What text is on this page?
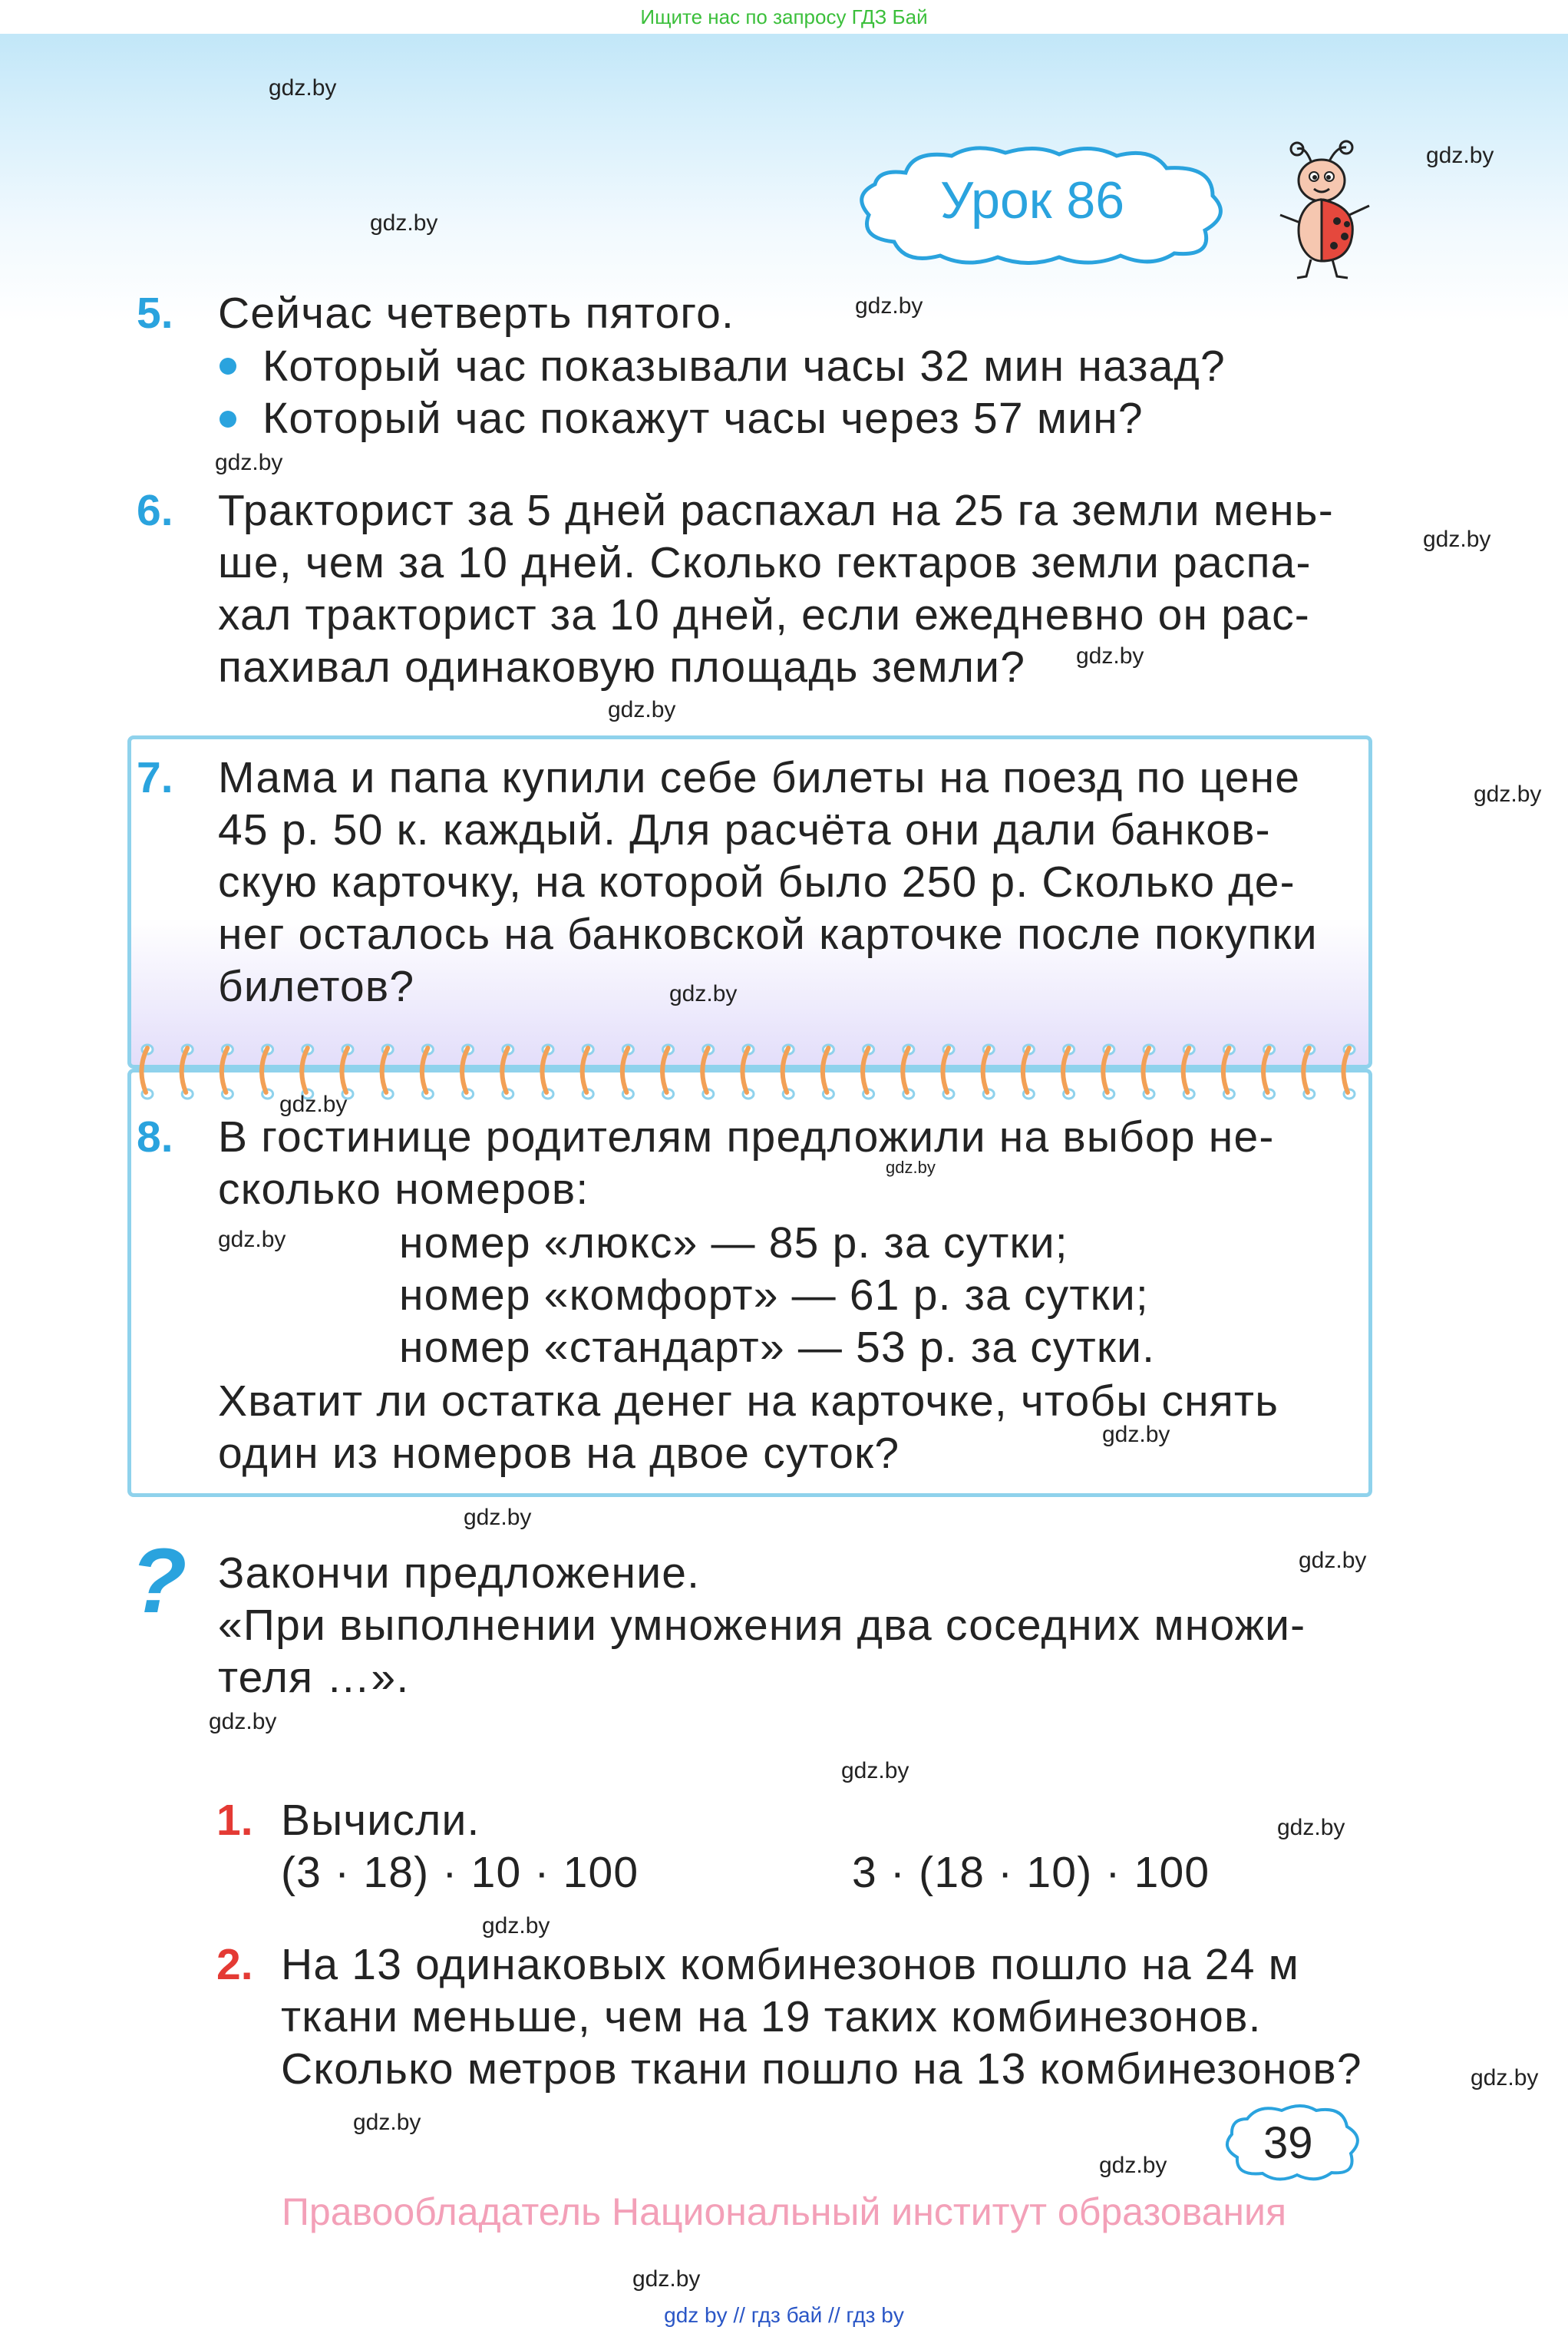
Ищите нас по запросу ГДЗ Бай
Урок 86
5. Сейчас четверть пятого.
Который час показывали часы 32 мин назад?
Который час покажут часы через 57 мин?
6. Тракторист за 5 дней распахал на 25 га земли мень-
ше, чем за 10 дней. Сколько гектаров земли распа-
хал тракторист за 10 дней, если ежедневно он рас-
пахивал одинаковую площадь земли?
7. Мама и папа купили себе билеты на поезд по цене
45 р. 50 к. каждый. Для расчёта они дали банков-
скую карточку, на которой было 250 р. Сколько де-
нег осталось на банковской карточке после покупки
билетов?
8. В гостинице родителям предложили на выбор не-
сколько номеров:
номер «люкс» — 85 р. за сутки;
номер «комфорт» — 61 р. за сутки;
номер «стандарт» — 53 р. за сутки.
Хватит ли остатка денег на карточке, чтобы снять
один из номеров на двое суток?
? Закончи предложение.
«При выполнении умножения два соседних множи-
теля …».
1. Вычисли.
(3 · 18) · 10 · 100	3 · (18 · 10) · 100
2. На 13 одинаковых комбинезонов пошло на 24 м
ткани меньше, чем на 19 таких комбинезонов.
Сколько метров ткани пошло на 13 комбинезонов?
39
Правообладатель Национальный институт образования
gdz by // гдз бай // гдз by
gdz.by
gdz.by
gdz.by
gdz.by
gdz.by
gdz.by
gdz.by
gdz.by
gdz.by
gdz.by
gdz.by
gdz.by
gdz.by
gdz.by
gdz.by
gdz.by
gdz.by
gdz.by
gdz.by
gdz.by
gdz.by
gdz.by
gdz.by
gdz.by
